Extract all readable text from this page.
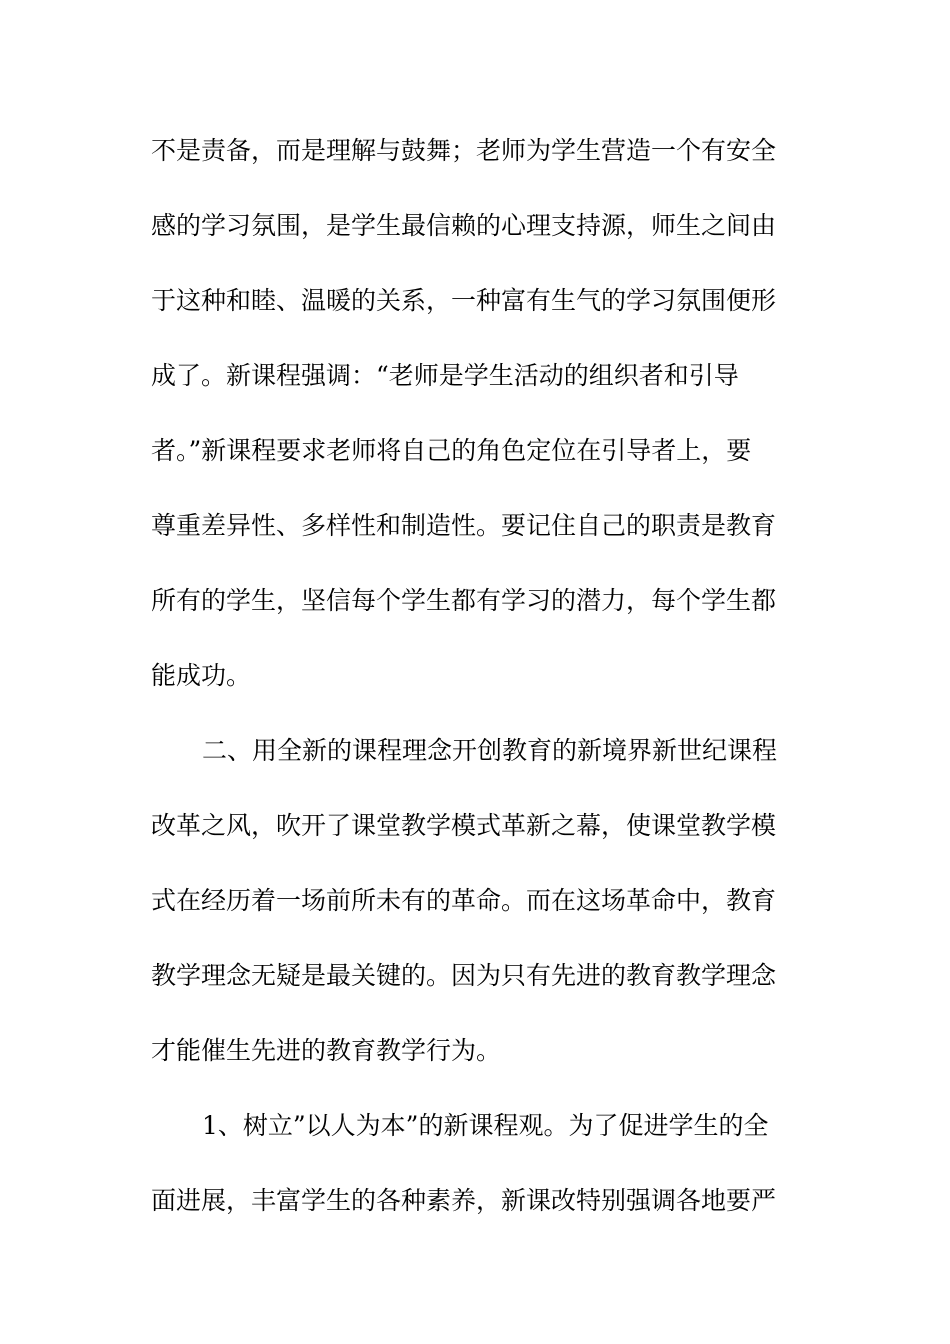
不是责备，而是理解与鼓舞；老师为学生营造一个有安全
感的学习氛围，是学生最信赖的心理支持源，师生之间由
于这种和睦、温暖的关系，一种富有生气的学习氛围便形
成了。新课程强调：“老师是学生活动的组织者和引导
者。”新课程要求老师将自己的角色定位在引导者上，要
尊重差异性、多样性和制造性。要记住自己的职责是教育
所有的学生，坚信每个学生都有学习的潜力，每个学生都
能成功。
二、用全新的课程理念开创教育的新境界新世纪课程
改革之风，吹开了课堂教学模式革新之幕，使课堂教学模
式在经历着一场前所未有的革命。而在这场革命中，教育
教学理念无疑是最关键的。因为只有先进的教育教学理念
才能催生先进的教育教学行为。
1、树立”以人为本”的新课程观。为了促进学生的全
面进展，丰富学生的各种素养，新课改特别强调各地要严
